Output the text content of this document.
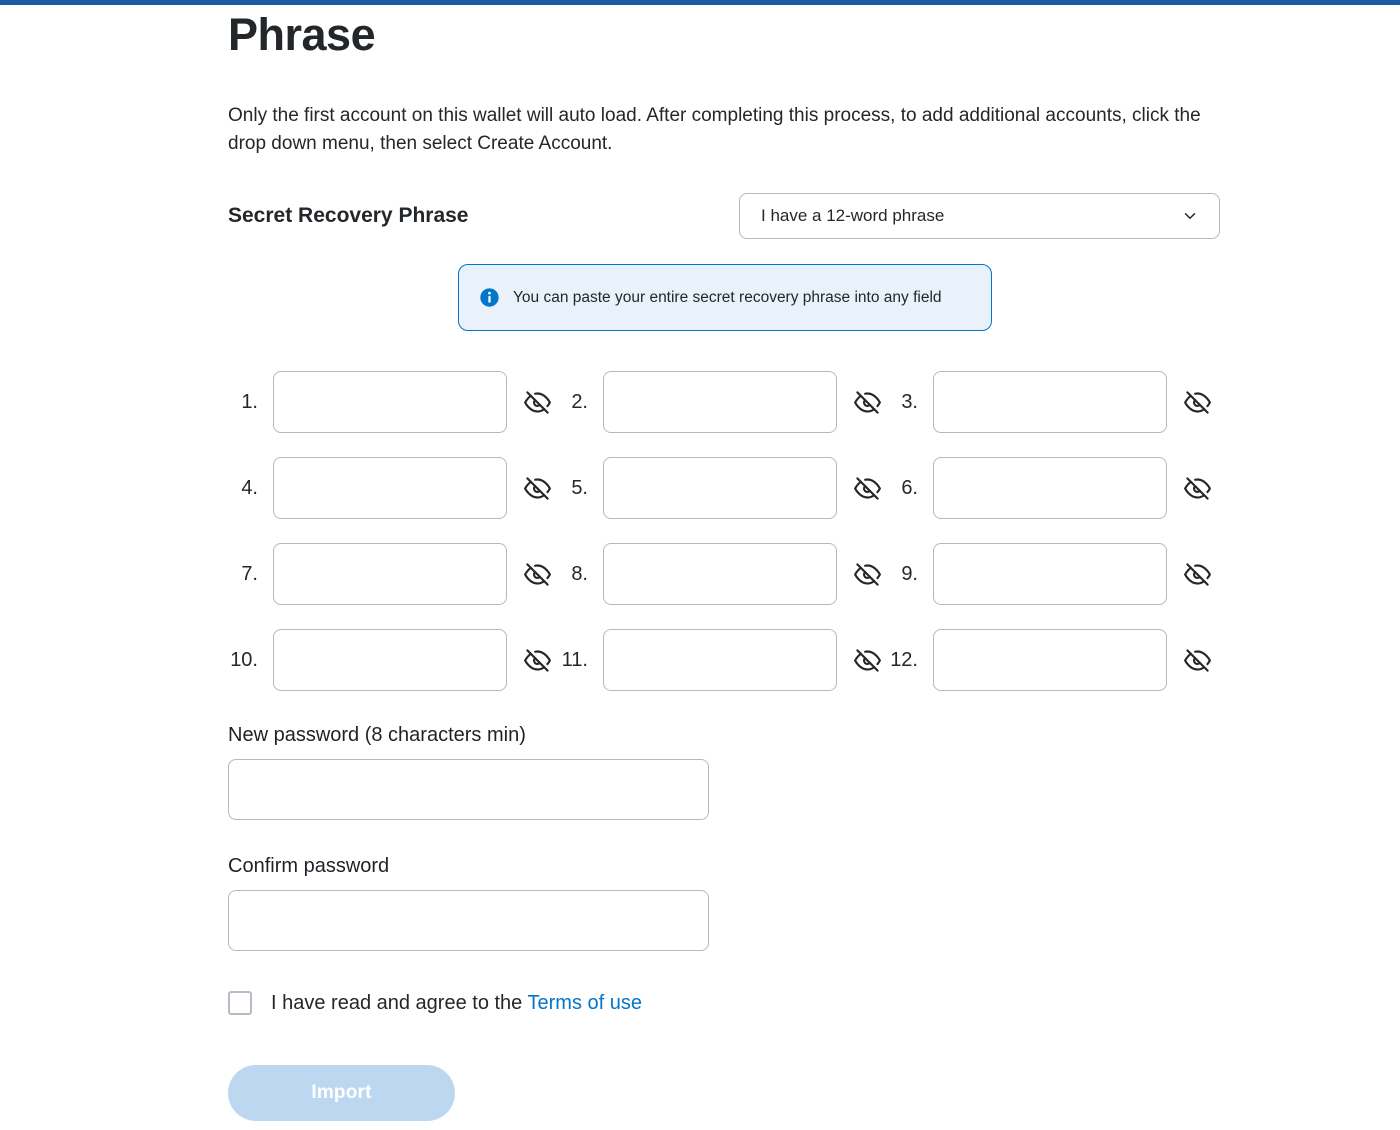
Phrase

Only the first account on this wallet will auto load. After completing this process, to add additional accounts, click the drop down menu, then select Create Account.

Secret Recovery Phrase	I have a 12-word phrase
You can paste your entire secret recovery phrase into any field
1.	2.	3.
4.	5.	6.
7.	8.	9.
10.	11.	12.
New password (8 characters min)
Confirm password
I have read and agree to the Terms of use
Import
